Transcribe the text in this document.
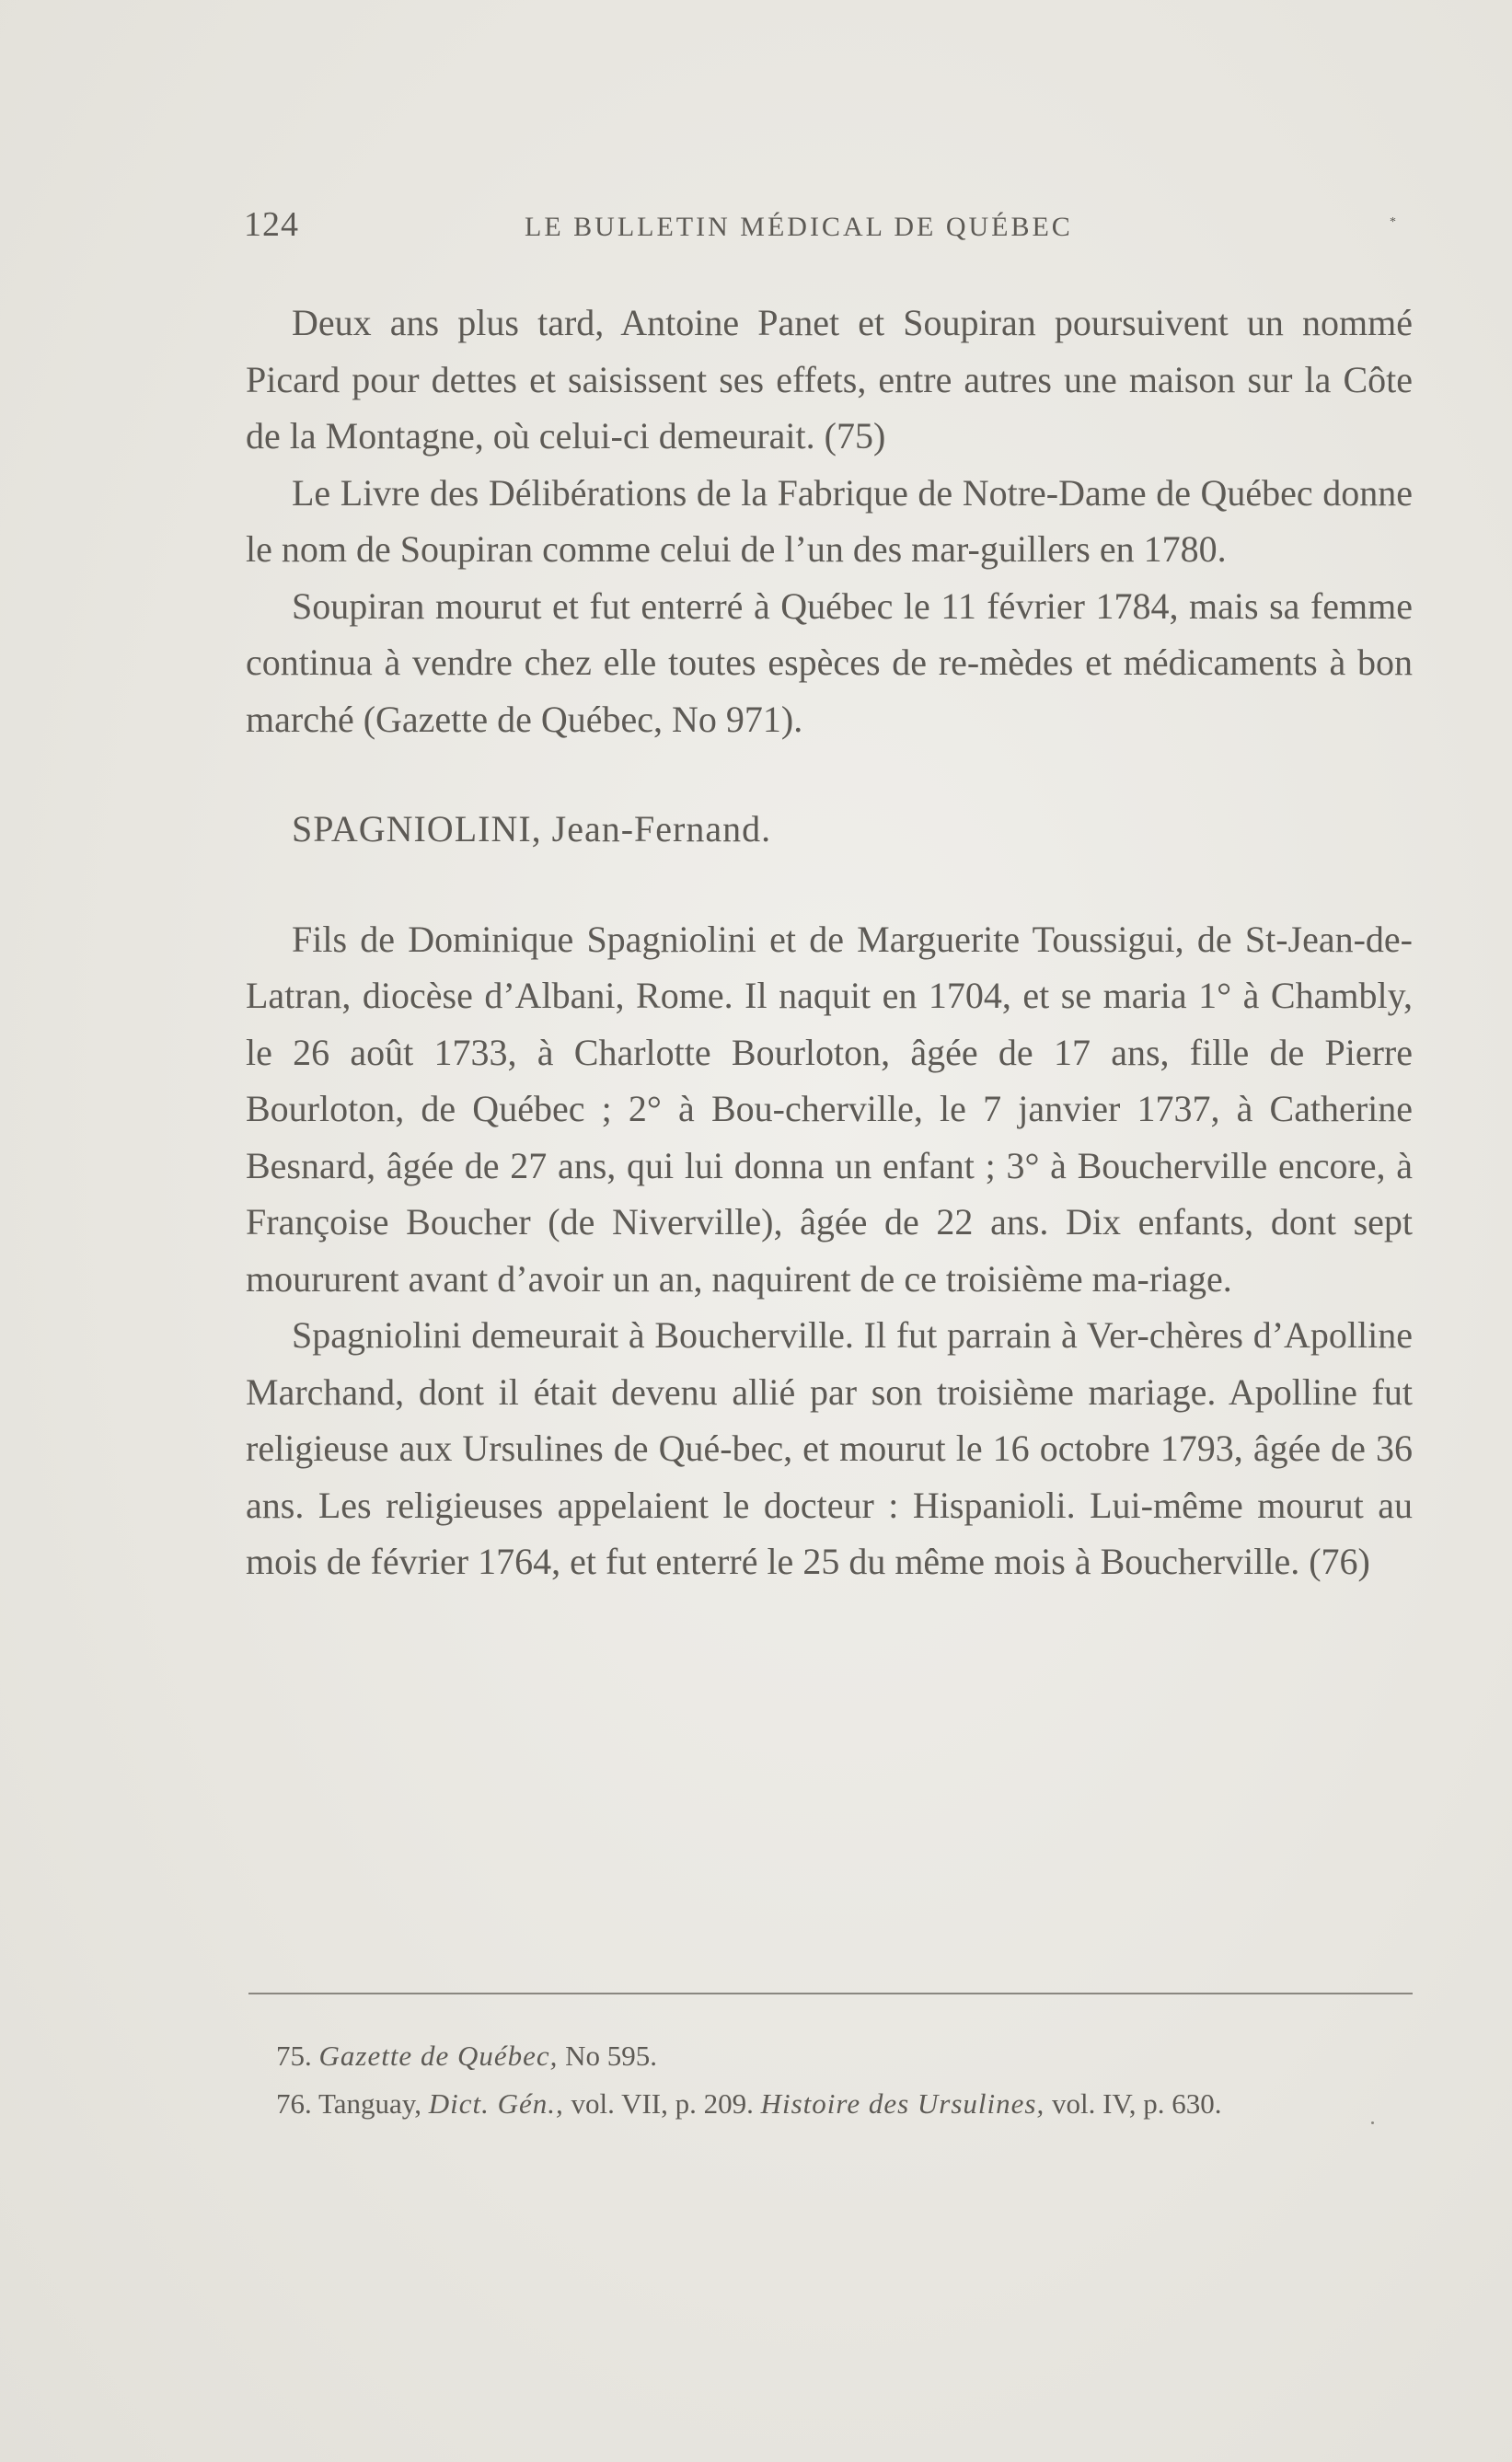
124	LE BULLETIN MÉDICAL DE QUÉBEC	*

Deux ans plus tard, Antoine Panet et Soupiran poursuivent un nommé Picard pour dettes et saisissent ses effets, entre autres une maison sur la Côte de la Montagne, où celui-ci demeurait. (75)

Le Livre des Délibérations de la Fabrique de Notre-Dame de Québec donne le nom de Soupiran comme celui de l’un des mar-guillers en 1780.

Soupiran mourut et fut enterré à Québec le 11 février 1784, mais sa femme continua à vendre chez elle toutes espèces de re-mèdes et médicaments à bon marché (Gazette de Québec, No 971).

SPAGNIOLINI, Jean-Fernand.

Fils de Dominique Spagniolini et de Marguerite Toussigui, de St-Jean-de-Latran, diocèse d’Albani, Rome. Il naquit en 1704, et se maria 1° à Chambly, le 26 août 1733, à Charlotte Bourloton, âgée de 17 ans, fille de Pierre Bourloton, de Québec ; 2° à Bou-cherville, le 7 janvier 1737, à Catherine Besnard, âgée de 27 ans, qui lui donna un enfant ; 3° à Boucherville encore, à Françoise Boucher (de Niverville), âgée de 22 ans. Dix enfants, dont sept moururent avant d’avoir un an, naquirent de ce troisième ma-riage.

Spagniolini demeurait à Boucherville. Il fut parrain à Ver-chères d’Apolline Marchand, dont il était devenu allié par son troisième mariage. Apolline fut religieuse aux Ursulines de Qué-bec, et mourut le 16 octobre 1793, âgée de 36 ans. Les religieuses appelaient le docteur : Hispanioli. Lui-même mourut au mois de février 1764, et fut enterré le 25 du même mois à Boucherville. (76)

75. Gazette de Québec, No 595.

76. Tanguay, Dict. Gén., vol. VII, p. 209. Histoire des Ursulines, vol. IV, p. 630.
